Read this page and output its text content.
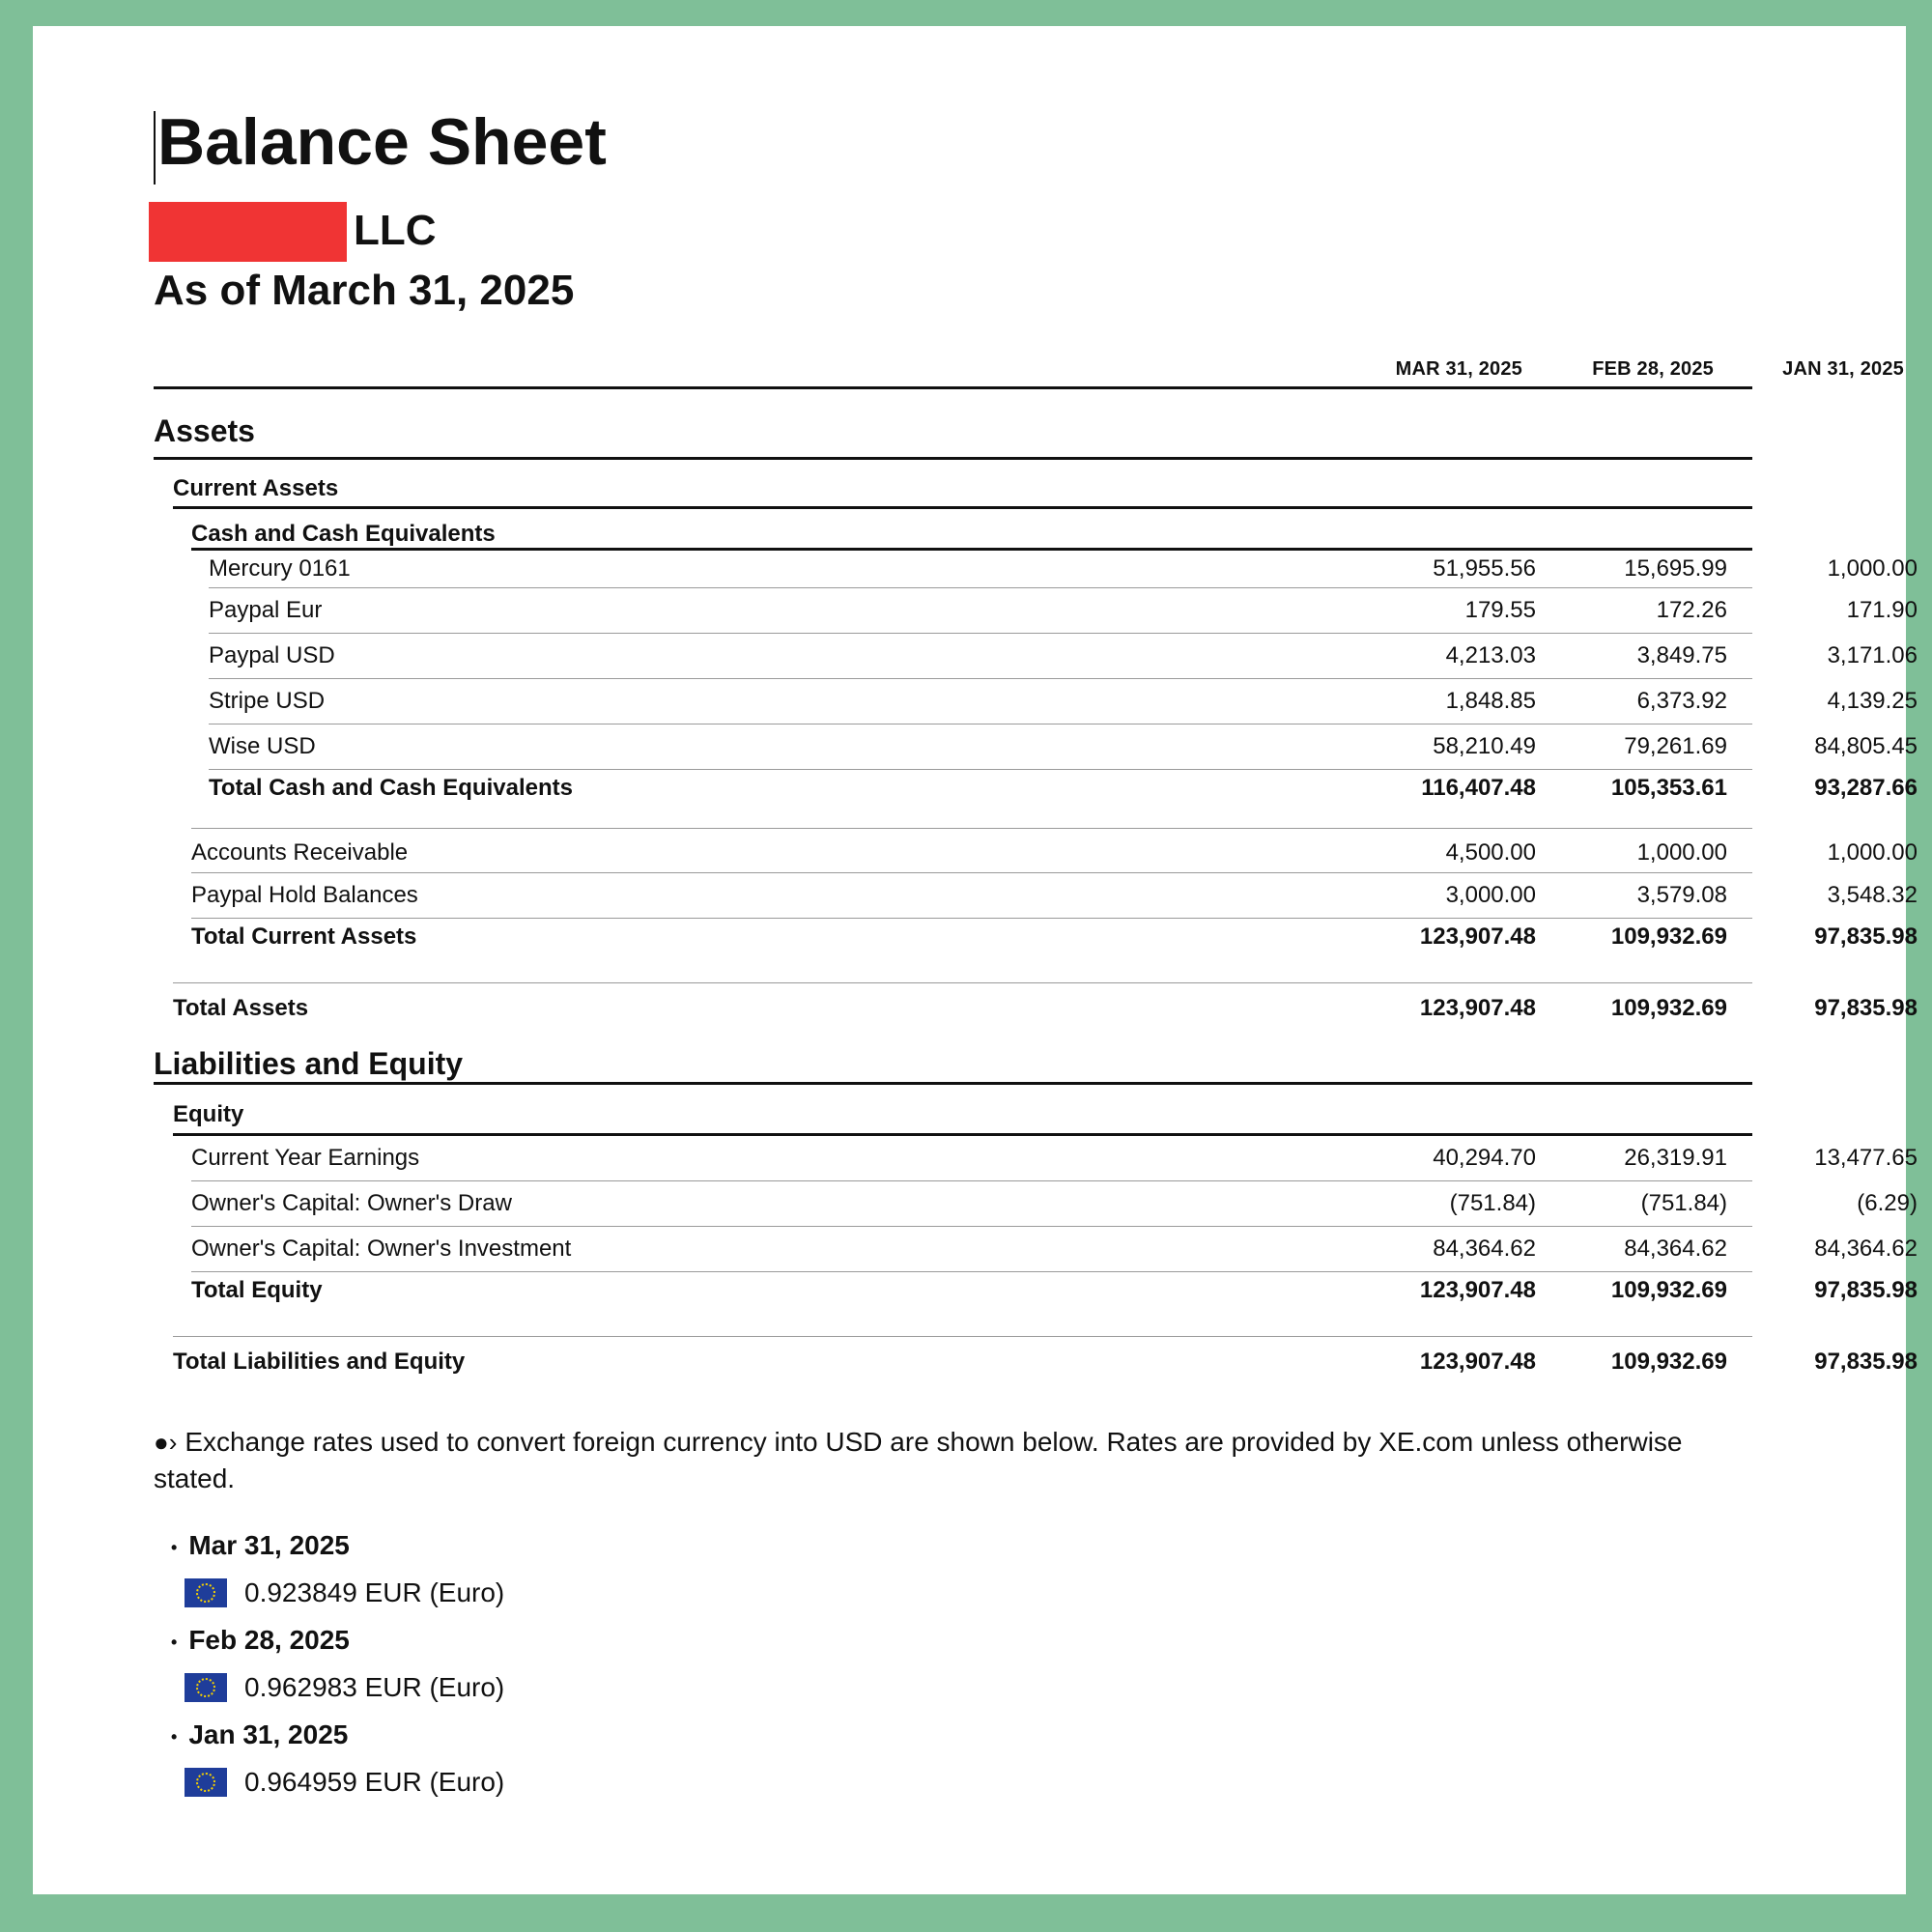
Balance Sheet
LLC
As of March 31, 2025
MAR 31, 2025	FEB 28, 2025	JAN 31, 2025
Assets
Current Assets
Cash and Cash Equivalents
Mercury 0161	51,955.56	15,695.99	1,000.00
Paypal Eur	179.55	172.26	171.90
Paypal USD	4,213.03	3,849.75	3,171.06
Stripe USD	1,848.85	6,373.92	4,139.25
Wise USD	58,210.49	79,261.69	84,805.45
Total Cash and Cash Equivalents	116,407.48	105,353.61	93,287.66
Accounts Receivable	4,500.00	1,000.00	1,000.00
Paypal Hold Balances	3,000.00	3,579.08	3,548.32
Total Current Assets	123,907.48	109,932.69	97,835.98
Total Assets	123,907.48	109,932.69	97,835.98
Liabilities and Equity
Equity
Current Year Earnings	40,294.70	26,319.91	13,477.65
Owner's Capital: Owner's Draw	(751.84)	(751.84)	(6.29)
Owner's Capital: Owner's Investment	84,364.62	84,364.62	84,364.62
Total Equity	123,907.48	109,932.69	97,835.98
Total Liabilities and Equity	123,907.48	109,932.69	97,835.98
●› Exchange rates used to convert foreign currency into USD are shown below. Rates are provided by XE.com unless otherwise stated.
• Mar 31, 2025
0.923849 EUR (Euro)
• Feb 28, 2025
0.962983 EUR (Euro)
• Jan 31, 2025
0.964959 EUR (Euro)
